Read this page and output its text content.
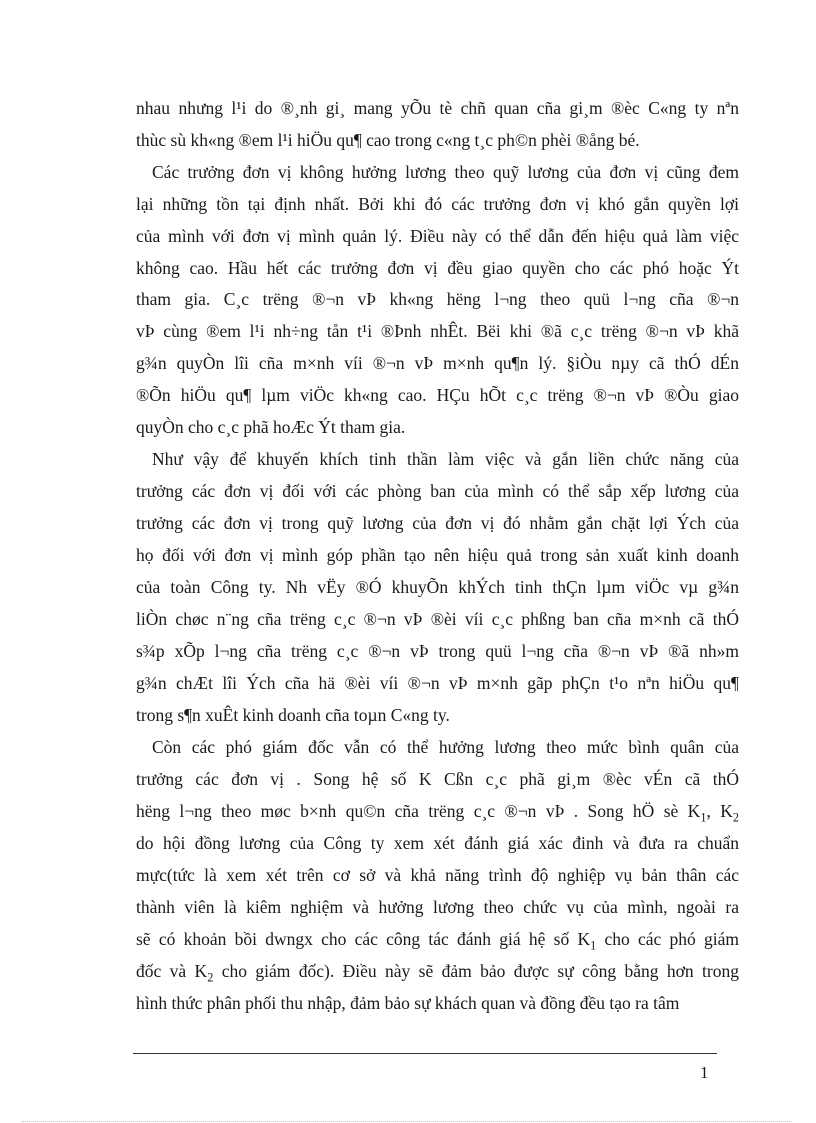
nhau nhưng l¹i do ®¸nh gi¸ mang yÕu tè chñ quan cña gi¸m ®èc C«ng ty nªn
thùc sù kh«ng ®em l¹i hiÖu qu¶ cao trong c«ng t¸c ph©n phèi ®ång bé.
Các trưởng đơn vị không hưởng lương theo quỹ lương của đơn vị cũng đem
lại những tồn tại định nhất. Bởi khi đó các trưởng đơn vị khó gắn quyền lợi
của mình với đơn vị mình quản lý. Điều này có thể dẫn đến hiệu quả làm việc
không cao. Hầu hết các trưởng đơn vị đều giao quyền cho các phó hoặc Ýt
tham gia. C¸c trëng ®¬n vÞ kh«ng hëng l¬ng theo quü l¬ng cña ®¬n
vÞ cùng ®em l¹i nh÷ng tån t¹i ®Þnh nhÊt. Bëi khi ®ã c¸c trëng ®¬n vÞ khã
g¾n quyÒn lîi cña m×nh víi ®¬n vÞ m×nh qu¶n lý. §iÒu nµy cã thÓ dÉn
®Õn hiÖu qu¶ lµm viÖc kh«ng cao. HÇu hÕt c¸c trëng ®¬n vÞ ®Òu giao
quyÒn cho c¸c phã hoÆc Ýt tham gia.
Như vậy để khuyến khích tinh thần làm việc và gắn liền chức năng của
trưởng các đơn vị đối với các phòng ban của mình có thể sắp xếp lương của
trưởng các đơn vị trong quỹ lương của đơn vị đó nhằm gắn chặt lợi Ých của
họ đối với đơn vị mình góp phần tạo nên hiệu quả trong sản xuất kinh doanh
của toàn Công ty. Nh vËy ®Ó khuyÕn khÝch tinh thÇn lµm viÖc vµ g¾n
liÒn chøc n¨ng cña trëng c¸c ®¬n vÞ ®èi víi c¸c phßng ban cña m×nh cã thÓ
s¾p xÕp l¬ng cña trëng c¸c ®¬n vÞ trong quü l¬ng cña ®¬n vÞ ®ã nh»m
g¾n chÆt lîi Ých cña hä ®èi víi ®¬n vÞ m×nh gãp phÇn t¹o nªn hiÖu qu¶
trong s¶n xuÊt kinh doanh cña toµn C«ng ty.
Còn các phó giám đốc vẫn có thể hưởng lương theo mức bình quân của
trưởng các đơn vị . Song hệ số K Cßn c¸c phã gi¸m ®èc vÉn cã thÓ
hëng l¬ng theo møc b×nh qu©n cña trëng c¸c ®¬n vÞ . Song hÖ sè $K_1$, $K_2$
do hội đồng lương của Công ty xem xét đánh giá xác đinh và đưa ra chuẩn
mực(tức là xem xét trên cơ sở và khả năng trình độ nghiệp vụ bản thân các
thành viên là kiêm nghiệm và hưởng lương theo chức vụ của mình, ngoài ra
sẽ có khoản bồi dwngx cho các công tác đánh giá hệ số $K_1$ cho các phó giám
đốc và $K_2$ cho giám đốc). Điều này sẽ đảm bảo được sự công bằng hơn trong
hình thức phân phối thu nhập, đảm bảo sự khách quan và đồng đều tạo ra tâm
1
